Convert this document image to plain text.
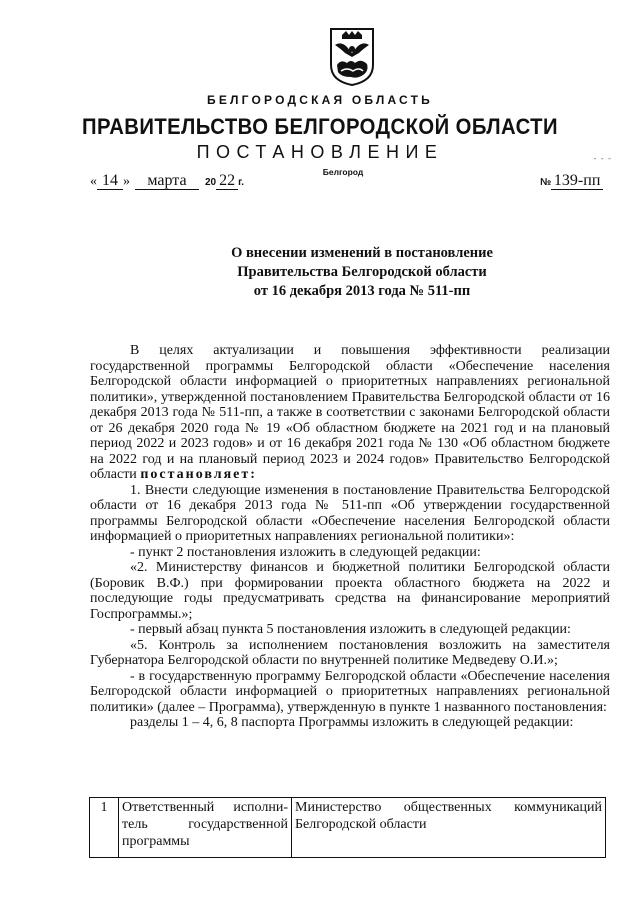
БЕЛГОРОДСКАЯ ОБЛАСТЬ
ПРАВИТЕЛЬСТВО БЕЛГОРОДСКОЙ ОБЛАСТИ
ПОСТАНОВЛЕНИЕ	- - -
Белгород
« 14 »	марта	20 22 г.	№ 139-пп
О внесении изменений в постановление
Правительства Белгородской области
от 16 декабря 2013 года № 511-пп

В целях актуализации и повышения эффективности реализации государственной программы Белгородской области «Обеспечение населения Белгородской области информацией о приоритетных направлениях региональной политики», утвержденной постановлением Правительства Белгородской области от 16 декабря 2013 года № 511-пп, а также в соответствии с законами Белгородской области от 26 декабря 2020 года № 19 «Об областном бюджете на 2021 год и на плановый период 2022 и 2023 годов» и от 16 декабря 2021 года № 130 «Об областном бюджете на 2022 год и на плановый период 2023 и 2024 годов» Правительство Белгородской области постановляет:

1. Внести следующие изменения в постановление Правительства Белгородской области от 16 декабря 2013 года № 511-пп «Об утверждении государственной программы Белгородской области «Обеспечение населения Белгородской области информацией о приоритетных направлениях региональной политики»:

- пункт 2 постановления изложить в следующей редакции:

«2. Министерству финансов и бюджетной политики Белгородской области (Боровик В.Ф.) при формировании проекта областного бюджета на 2022 и последующие годы предусматривать средства на финансирование мероприятий Госпрограммы.»;

- первый абзац пункта 5 постановления изложить в следующей редакции:

«5. Контроль за исполнением постановления возложить на заместителя Губернатора Белгородской области по внутренней политике Медведеву О.И.»;

- в государственную программу Белгородской области «Обеспечение населения Белгородской области информацией о приоритетных направлениях региональной политики» (далее – Программа), утвержденную в пункте 1 названного постановления:

разделы 1 – 4, 6, 8 паспорта Программы изложить в следующей редакции:

1	Ответственный исполни-тель государственной программы	Министерство общественных коммуникаций Белгородской области
